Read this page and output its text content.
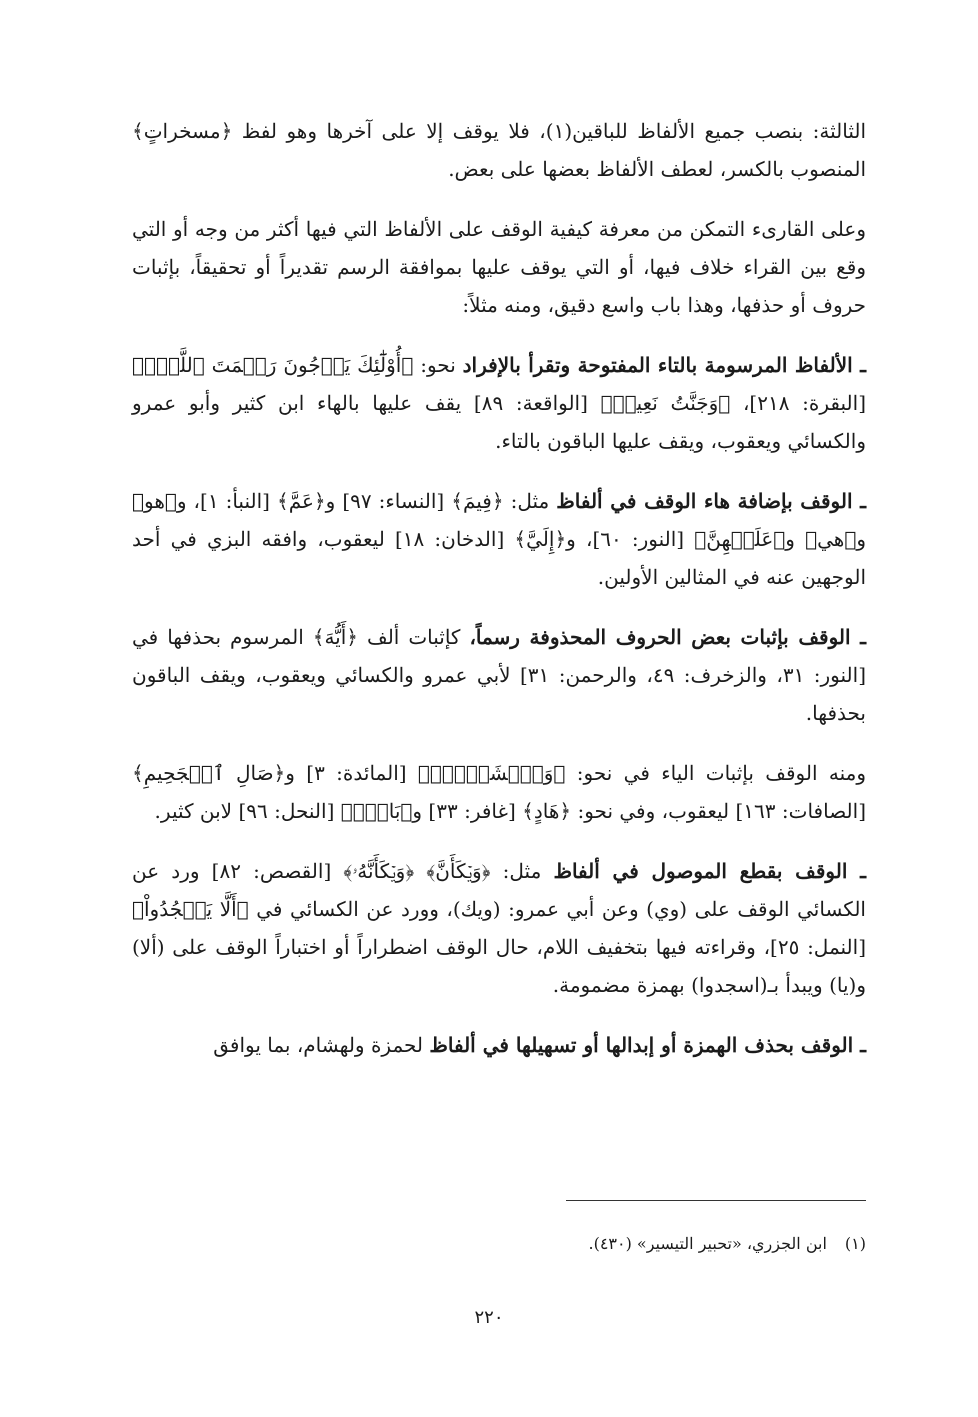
الثالثة: بنصب جميع الألفاظ للباقين(١)، فلا يوقف إلا على آخرها وهو لفظ ﴿مسخراتٍ﴾ المنصوب بالكسر، لعطف الألفاظ بعضها على بعض.

وعلى القارىء التمكن من معرفة كيفية الوقف على الألفاظ التي فيها أكثر من وجه أو التي وقع بين القراء خلاف فيها، أو التي يوقف عليها بموافقة الرسم تقديراً أو تحقيقاً، بإثبات حروف أو حذفها، وهذا باب واسع دقيق، ومنه مثلاً:

ـ الألفاظ المرسومة بالتاء المفتوحة وتقرأ بالإفراد نحو: ﴿أُوْلَٰٓئِكَ يَرۡجُونَ رَحۡمَتَ ٱللَّهِۚ﴾ [البقرة: ٢١٨]، ﴿وَجَنَّتُ نَعِيمٖ﴾ [الواقعة: ٨٩] يقف عليها بالهاء ابن كثير وأبو عمرو والكسائي ويعقوب، ويقف عليها الباقون بالتاء.

ـ الوقف بإضافة هاء الوقف في ألفاظ مثل: ﴿فِيمَ﴾ [النساء: ٩٧] و﴿عَمَّ﴾ [النبأ: ١]، و﴿هو﴾ و﴿هي﴾ و﴿عَلَيۡهِنَّ﴾ [النور: ٦٠]، و﴿إِلَيَّ﴾ [الدخان: ١٨] ليعقوب، وافقه البزي في أحد الوجهين عنه في المثالين الأولين.

ـ الوقف بإثبات بعض الحروف المحذوفة رسماً، كإثبات ألف ﴿أَيُّهَ﴾ المرسوم بحذفها في [النور: ٣١، والزخرف: ٤٩، والرحمن: ٣١] لأبي عمرو والكسائي ويعقوب، ويقف الباقون بحذفها.

ومنه الوقف بإثبات الياء في نحو: ﴿وَٱخۡشَوۡنِۚ﴾ [المائدة: ٣] و﴿صَالِ ٱلۡجَحِيمِ﴾ [الصافات: ١٦٣] ليعقوب، وفي نحو: ﴿هَادٍ﴾ [غافر: ٣٣] و﴿بَاقٖۖ﴾ [النحل: ٩٦] لابن كثير.

ـ الوقف بقطع الموصول في ألفاظ مثل: ﴿وَيۡكَأَنَّ﴾ ﴿وَيۡكَأَنَّهُۥ﴾ [القصص: ٨٢] ورد عن الكسائي الوقف على (وي) وعن أبي عمرو: (ويك)، وورد عن الكسائي في ﴿أَلَّا يَسۡجُدُواْ﴾ [النمل: ٢٥]، وقراءته فيها بتخفيف اللام، حال الوقف اضطراراً أو اختباراً الوقف على (ألا) و(يا) ويبدأ بـ(اسجدوا) بهمزة مضمومة.

ـ الوقف بحذف الهمزة أو إبدالها أو تسهيلها في ألفاظ لحمزة ولهشام، بما يوافق

(١)ابن الجزري، «تحبير التيسير» (٤٣٠).
٢٢٠
